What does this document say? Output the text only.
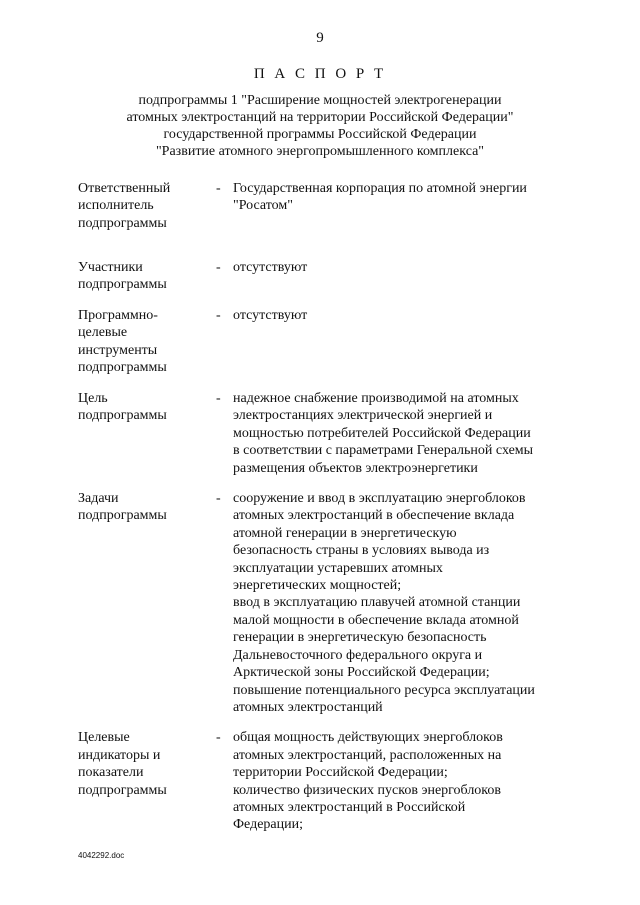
9
П А С П О Р Т
подпрограммы 1 "Расширение мощностей электрогенерации
атомных электростанций на территории Российской Федерации"
государственной программы Российской Федерации
"Развитие атомного энергопромышленного комплекса"
Ответственный
исполнитель
подпрограммы
- Государственная корпорация по атомной энергии
"Росатом"
Участники
подпрограммы
- отсутствуют
Программно-
целевые
инструменты
подпрограммы
- отсутствуют
Цель
подпрограммы
- надежное снабжение производимой на атомных
электростанциях электрической энергией и
мощностью потребителей Российской Федерации
в соответствии с параметрами Генеральной схемы
размещения объектов электроэнергетики
Задачи
подпрограммы
- сооружение и ввод в эксплуатацию энергоблоков
атомных электростанций в обеспечение вклада
атомной генерации в энергетическую
безопасность страны в условиях вывода из
эксплуатации устаревших атомных
энергетических мощностей;
ввод в эксплуатацию плавучей атомной станции
малой мощности в обеспечение вклада атомной
генерации в энергетическую безопасность
Дальневосточного федерального округа и
Арктической зоны Российской Федерации;
повышение потенциального ресурса эксплуатации
атомных электростанций
Целевые
индикаторы и
показатели
подпрограммы
- общая мощность действующих энергоблоков
атомных электростанций, расположенных на
территории Российской Федерации;
количество физических пусков энергоблоков
атомных электростанций в Российской
Федерации;
4042292.doc
